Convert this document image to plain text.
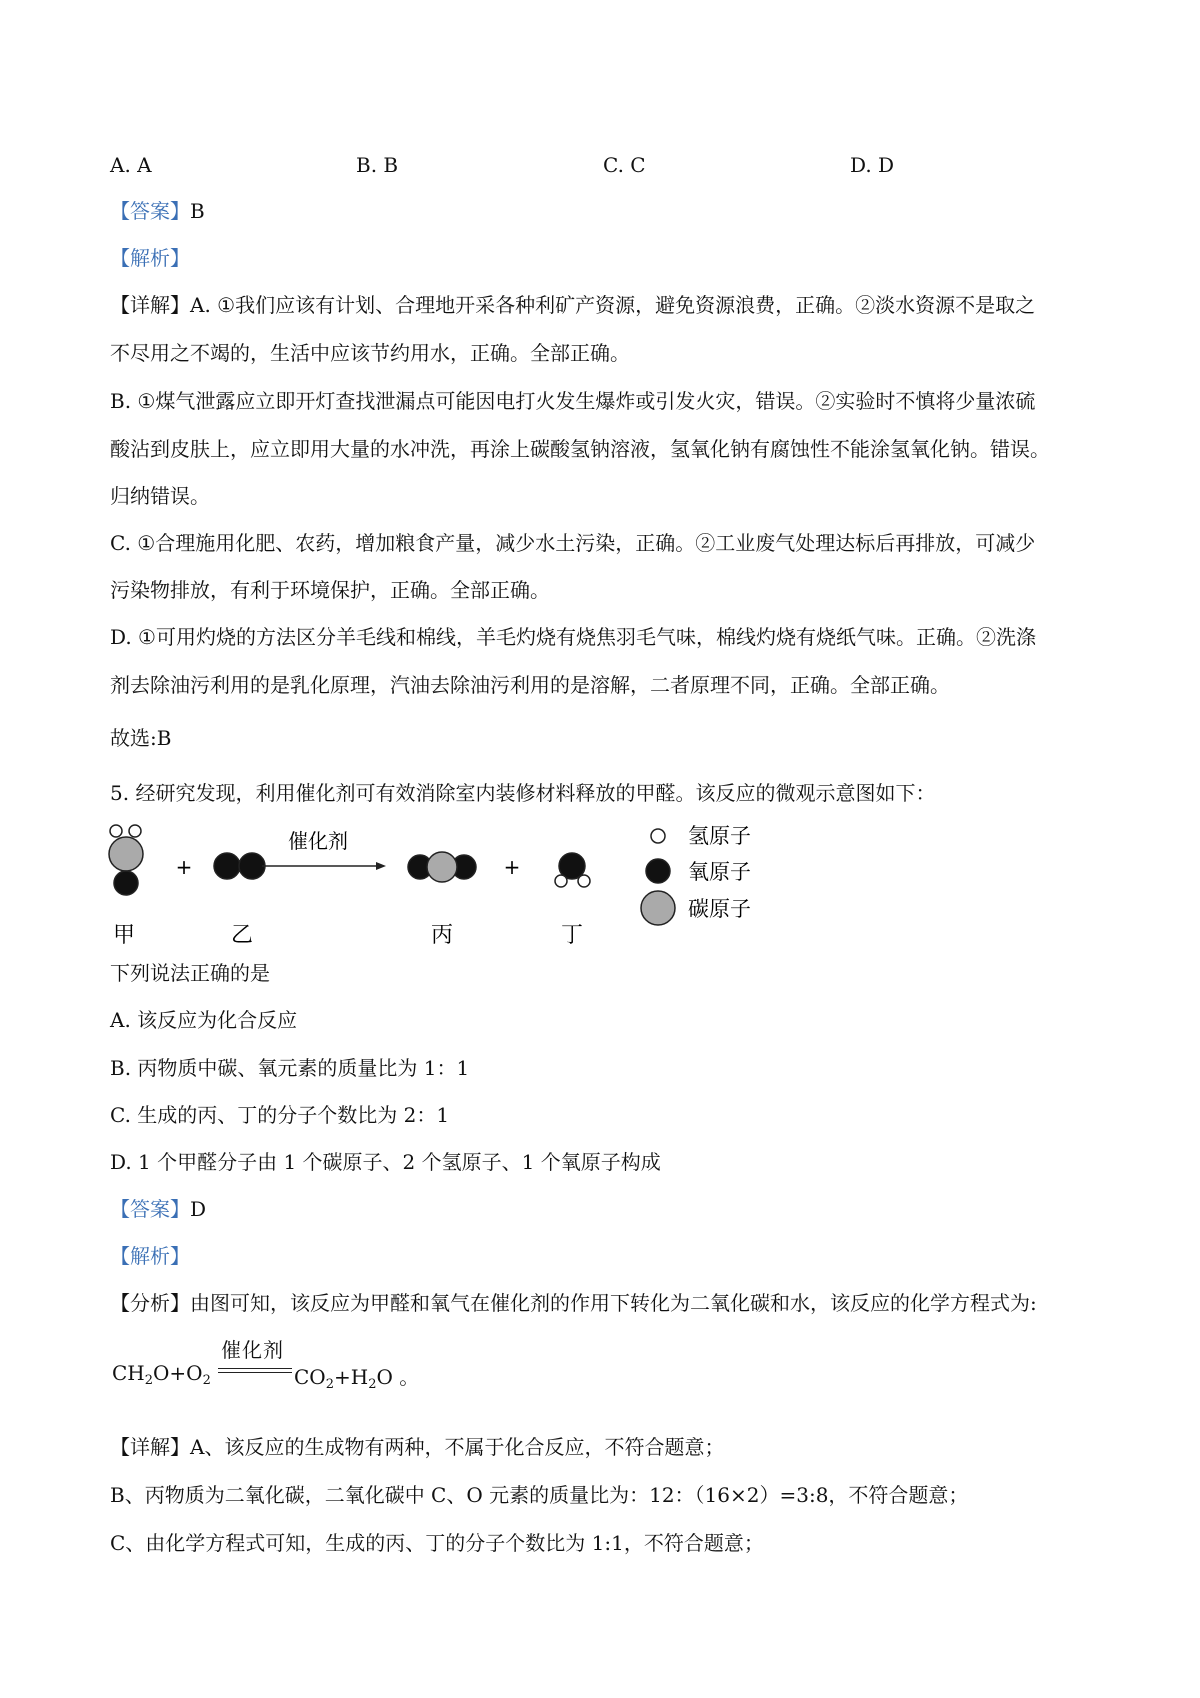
A. A	B. B	C. C	D. D
【答案】B
【解析】
【详解】A. ①我们应该有计划、合理地开采各种利矿产资源，避免资源浪费，正确。②淡水资源不是取之
不尽用之不竭的，生活中应该节约用水，正确。全部正确。
B. ①煤气泄露应立即开灯查找泄漏点可能因电打火发生爆炸或引发火灾，错误。②实验时不慎将少量浓硫
酸沾到皮肤上，应立即用大量的水冲洗，再涂上碳酸氢钠溶液，氢氧化钠有腐蚀性不能涂氢氧化钠。错误。
归纳错误。
C. ①合理施用化肥、农药，增加粮食产量，减少水土污染，正确。②工业废气处理达标后再排放，可减少
污染物排放，有利于环境保护，正确。全部正确。
D. ①可用灼烧的方法区分羊毛线和棉线，羊毛灼烧有烧焦羽毛气味，棉线灼烧有烧纸气味。正确。②洗涤
剂去除油污利用的是乳化原理，汽油去除油污利用的是溶解，二者原理不同，正确。全部正确。
故选:B
5. 经研究发现，利用催化剂可有效消除室内装修材料释放的甲醛。该反应的微观示意图如下：
+
催化剂
+
甲	乙	丙	丁
氢原子
氧原子
碳原子
下列说法正确的是
A. 该反应为化合反应
B. 丙物质中碳、氧元素的质量比为 1：1
C. 生成的丙、丁的分子个数比为 2：1
D. 1 个甲醛分子由 1 个碳原子、2 个氢原子、1 个氧原子构成
【答案】D
【解析】
【分析】由图可知，该反应为甲醛和氧气在催化剂的作用下转化为二氧化碳和水，该反应的化学方程式为:
催化剂
$CH_2O+O_2$	$CO_2+H_2O$ 。
【详解】A、该反应的生成物有两种，不属于化合反应，不符合题意；
B、丙物质为二氧化碳，二氧化碳中 C、O 元素的质量比为：12：（16×2）=3:8，不符合题意；
C、由化学方程式可知，生成的丙、丁的分子个数比为 1:1，不符合题意；
